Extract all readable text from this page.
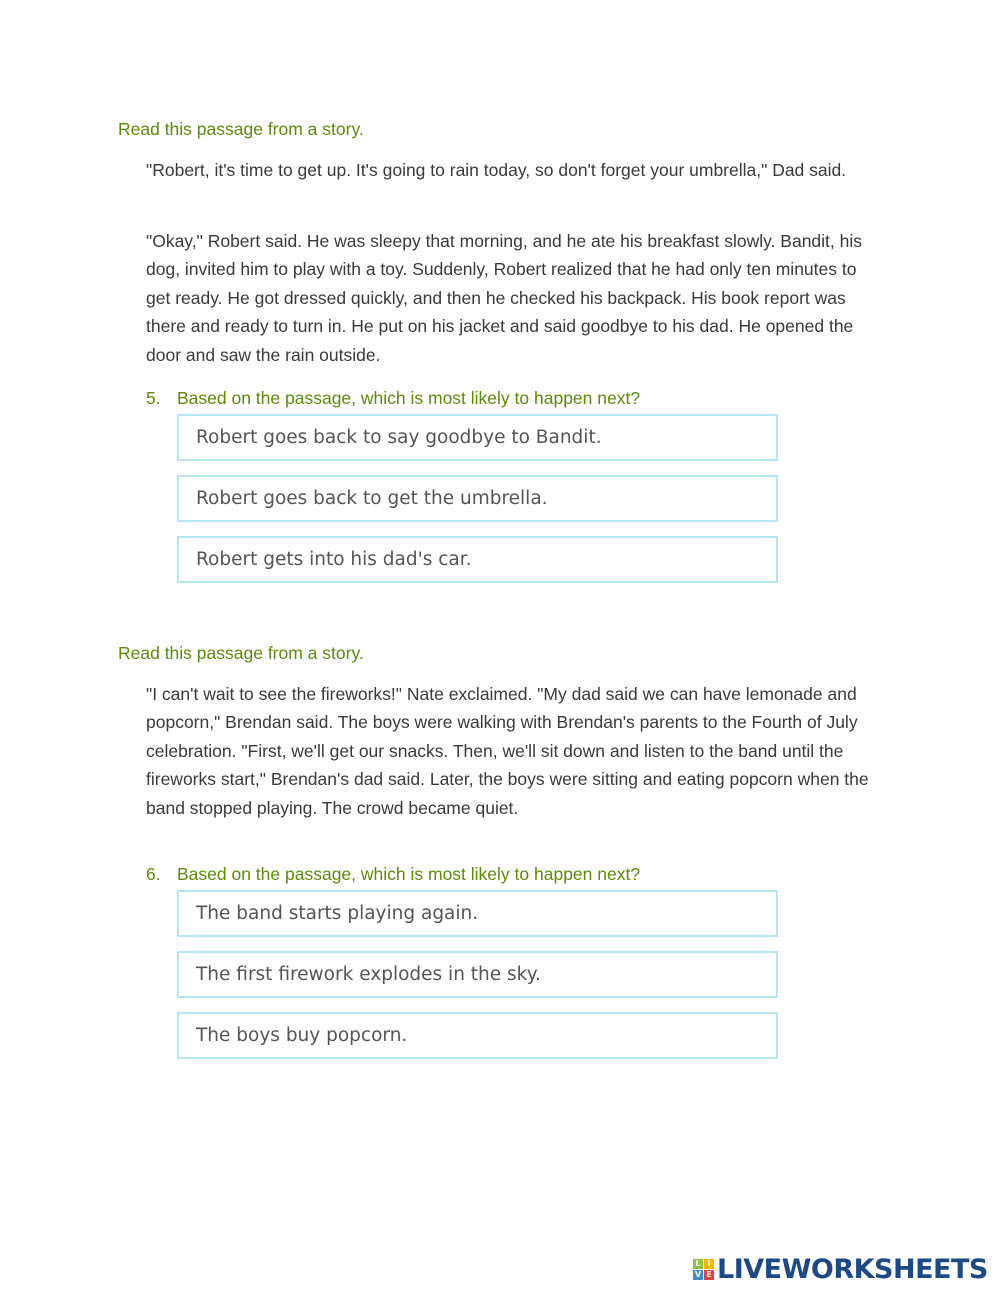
Read this passage from a story.

"Robert, it's time to get up. It's going to rain today, so don't forget your umbrella," Dad said.

"Okay," Robert said. He was sleepy that morning, and he ate his breakfast slowly. Bandit, his dog, invited him to play with a toy. Suddenly, Robert realized that he had only ten minutes to get ready. He got dressed quickly, and then he checked his backpack. His book report was there and ready to turn in. He put on his jacket and said goodbye to his dad. He opened the door and saw the rain outside.

5. Based on the passage, which is most likely to happen next?
Robert goes back to say goodbye to Bandit.
Robert goes back to get the umbrella.
Robert gets into his dad's car.
Read this passage from a story.

"I can't wait to see the fireworks!" Nate exclaimed. "My dad said we can have lemonade and popcorn," Brendan said. The boys were walking with Brendan's parents to the Fourth of July celebration. "First, we'll get our snacks. Then, we'll sit down and listen to the band until the fireworks start," Brendan's dad said. Later, the boys were sitting and eating popcorn when the band stopped playing. The crowd became quiet.

6. Based on the passage, which is most likely to happen next?
The band starts playing again.
The first firework explodes in the sky.
The boys buy popcorn.
L I
V E LIVEWORKSHEETS
